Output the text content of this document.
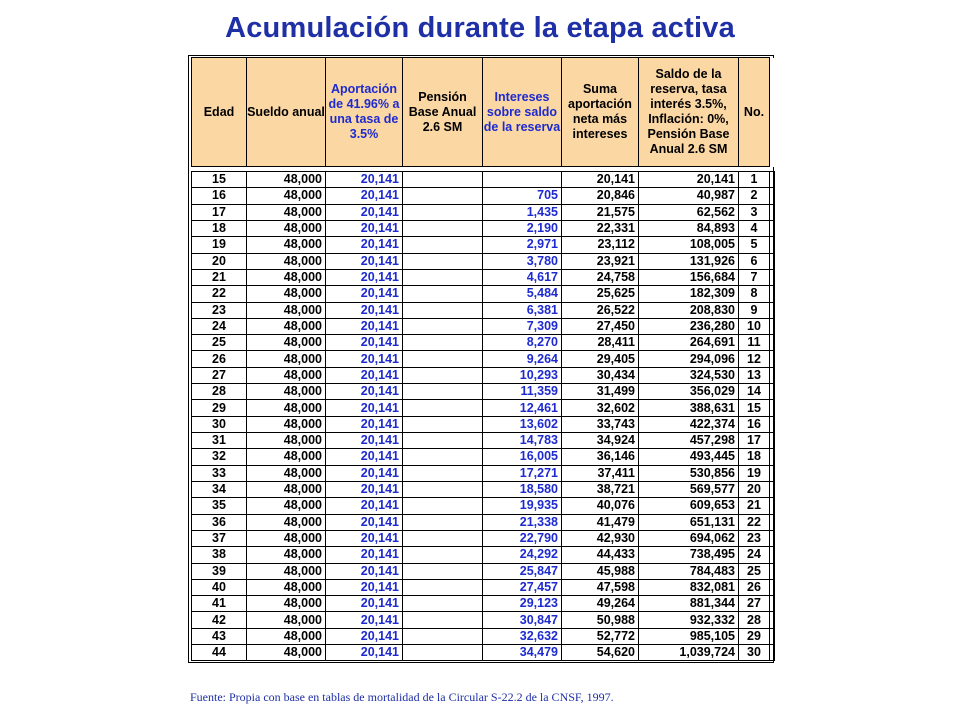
Acumulación durante la etapa activa
Edad	Sueldo anual	Aportación de 41.96% a una tasa de 3.5%	Pensión Base Anual 2.6 SM	Intereses sobre saldo de la reserva	Suma aportación neta más intereses	Saldo de la reserva, tasa interés 3.5%, Inflación: 0%, Pensión Base Anual 2.6 SM	No.	
15	48,000	20,141			20,141	20,141	1	
16	48,000	20,141		705	20,846	40,987	2	
17	48,000	20,141		1,435	21,575	62,562	3	
18	48,000	20,141		2,190	22,331	84,893	4	
19	48,000	20,141		2,971	23,112	108,005	5	
20	48,000	20,141		3,780	23,921	131,926	6	
21	48,000	20,141		4,617	24,758	156,684	7	
22	48,000	20,141		5,484	25,625	182,309	8	
23	48,000	20,141		6,381	26,522	208,830	9	
24	48,000	20,141		7,309	27,450	236,280	10	
25	48,000	20,141		8,270	28,411	264,691	11	
26	48,000	20,141		9,264	29,405	294,096	12	
27	48,000	20,141		10,293	30,434	324,530	13	
28	48,000	20,141		11,359	31,499	356,029	14	
29	48,000	20,141		12,461	32,602	388,631	15	
30	48,000	20,141		13,602	33,743	422,374	16	
31	48,000	20,141		14,783	34,924	457,298	17	
32	48,000	20,141		16,005	36,146	493,445	18	
33	48,000	20,141		17,271	37,411	530,856	19	
34	48,000	20,141		18,580	38,721	569,577	20	
35	48,000	20,141		19,935	40,076	609,653	21	
36	48,000	20,141		21,338	41,479	651,131	22	
37	48,000	20,141		22,790	42,930	694,062	23	
38	48,000	20,141		24,292	44,433	738,495	24	
39	48,000	20,141		25,847	45,988	784,483	25	
40	48,000	20,141		27,457	47,598	832,081	26	
41	48,000	20,141		29,123	49,264	881,344	27	
42	48,000	20,141		30,847	50,988	932,332	28	
43	48,000	20,141		32,632	52,772	985,105	29	
44	48,000	20,141		34,479	54,620	1,039,724	30	
Fuente: Propia con base en tablas de mortalidad de la Circular S-22.2 de la CNSF, 1997.
